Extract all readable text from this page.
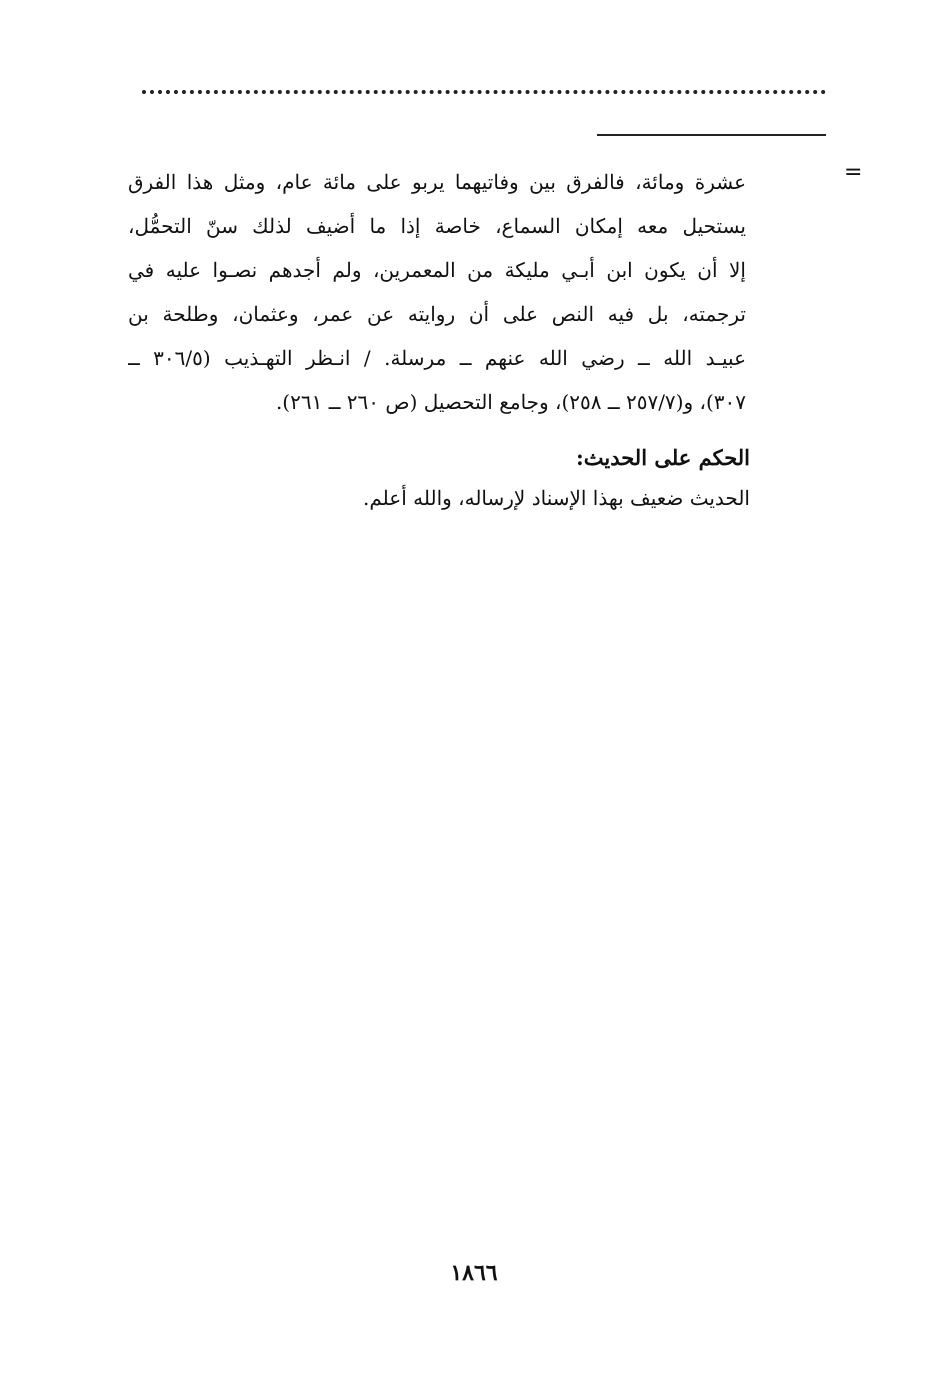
=
عشرة ومائة، فالفرق بين وفاتيهما يربو على مائة عام، ومثل هذا الفرق
يستحيل معه إمكان السماع، خاصة إذا ما أضيف لذلك سنّ التحمُّل،
إلا أن يكون ابن أبـي مليكة من المعمرين، ولم أجدهم نصـوا عليه في
ترجمته، بل فيه النص على أن روايته عن عمر، وعثمان، وطلحة بن
عبيـد الله ــ رضي الله عنهم ــ مرسلة. / انـظر التهـذيب (٣٠٦/٥ ــ
٣٠٧)، و(٢٥٧/٧ ــ ٢٥٨)، وجامع التحصيل (ص ٢٦٠ ــ ٢٦١).
الحكم على الحديث:
الحديث ضعيف بهذا الإسناد لإرساله، والله أعلم.
١٨٦٦
